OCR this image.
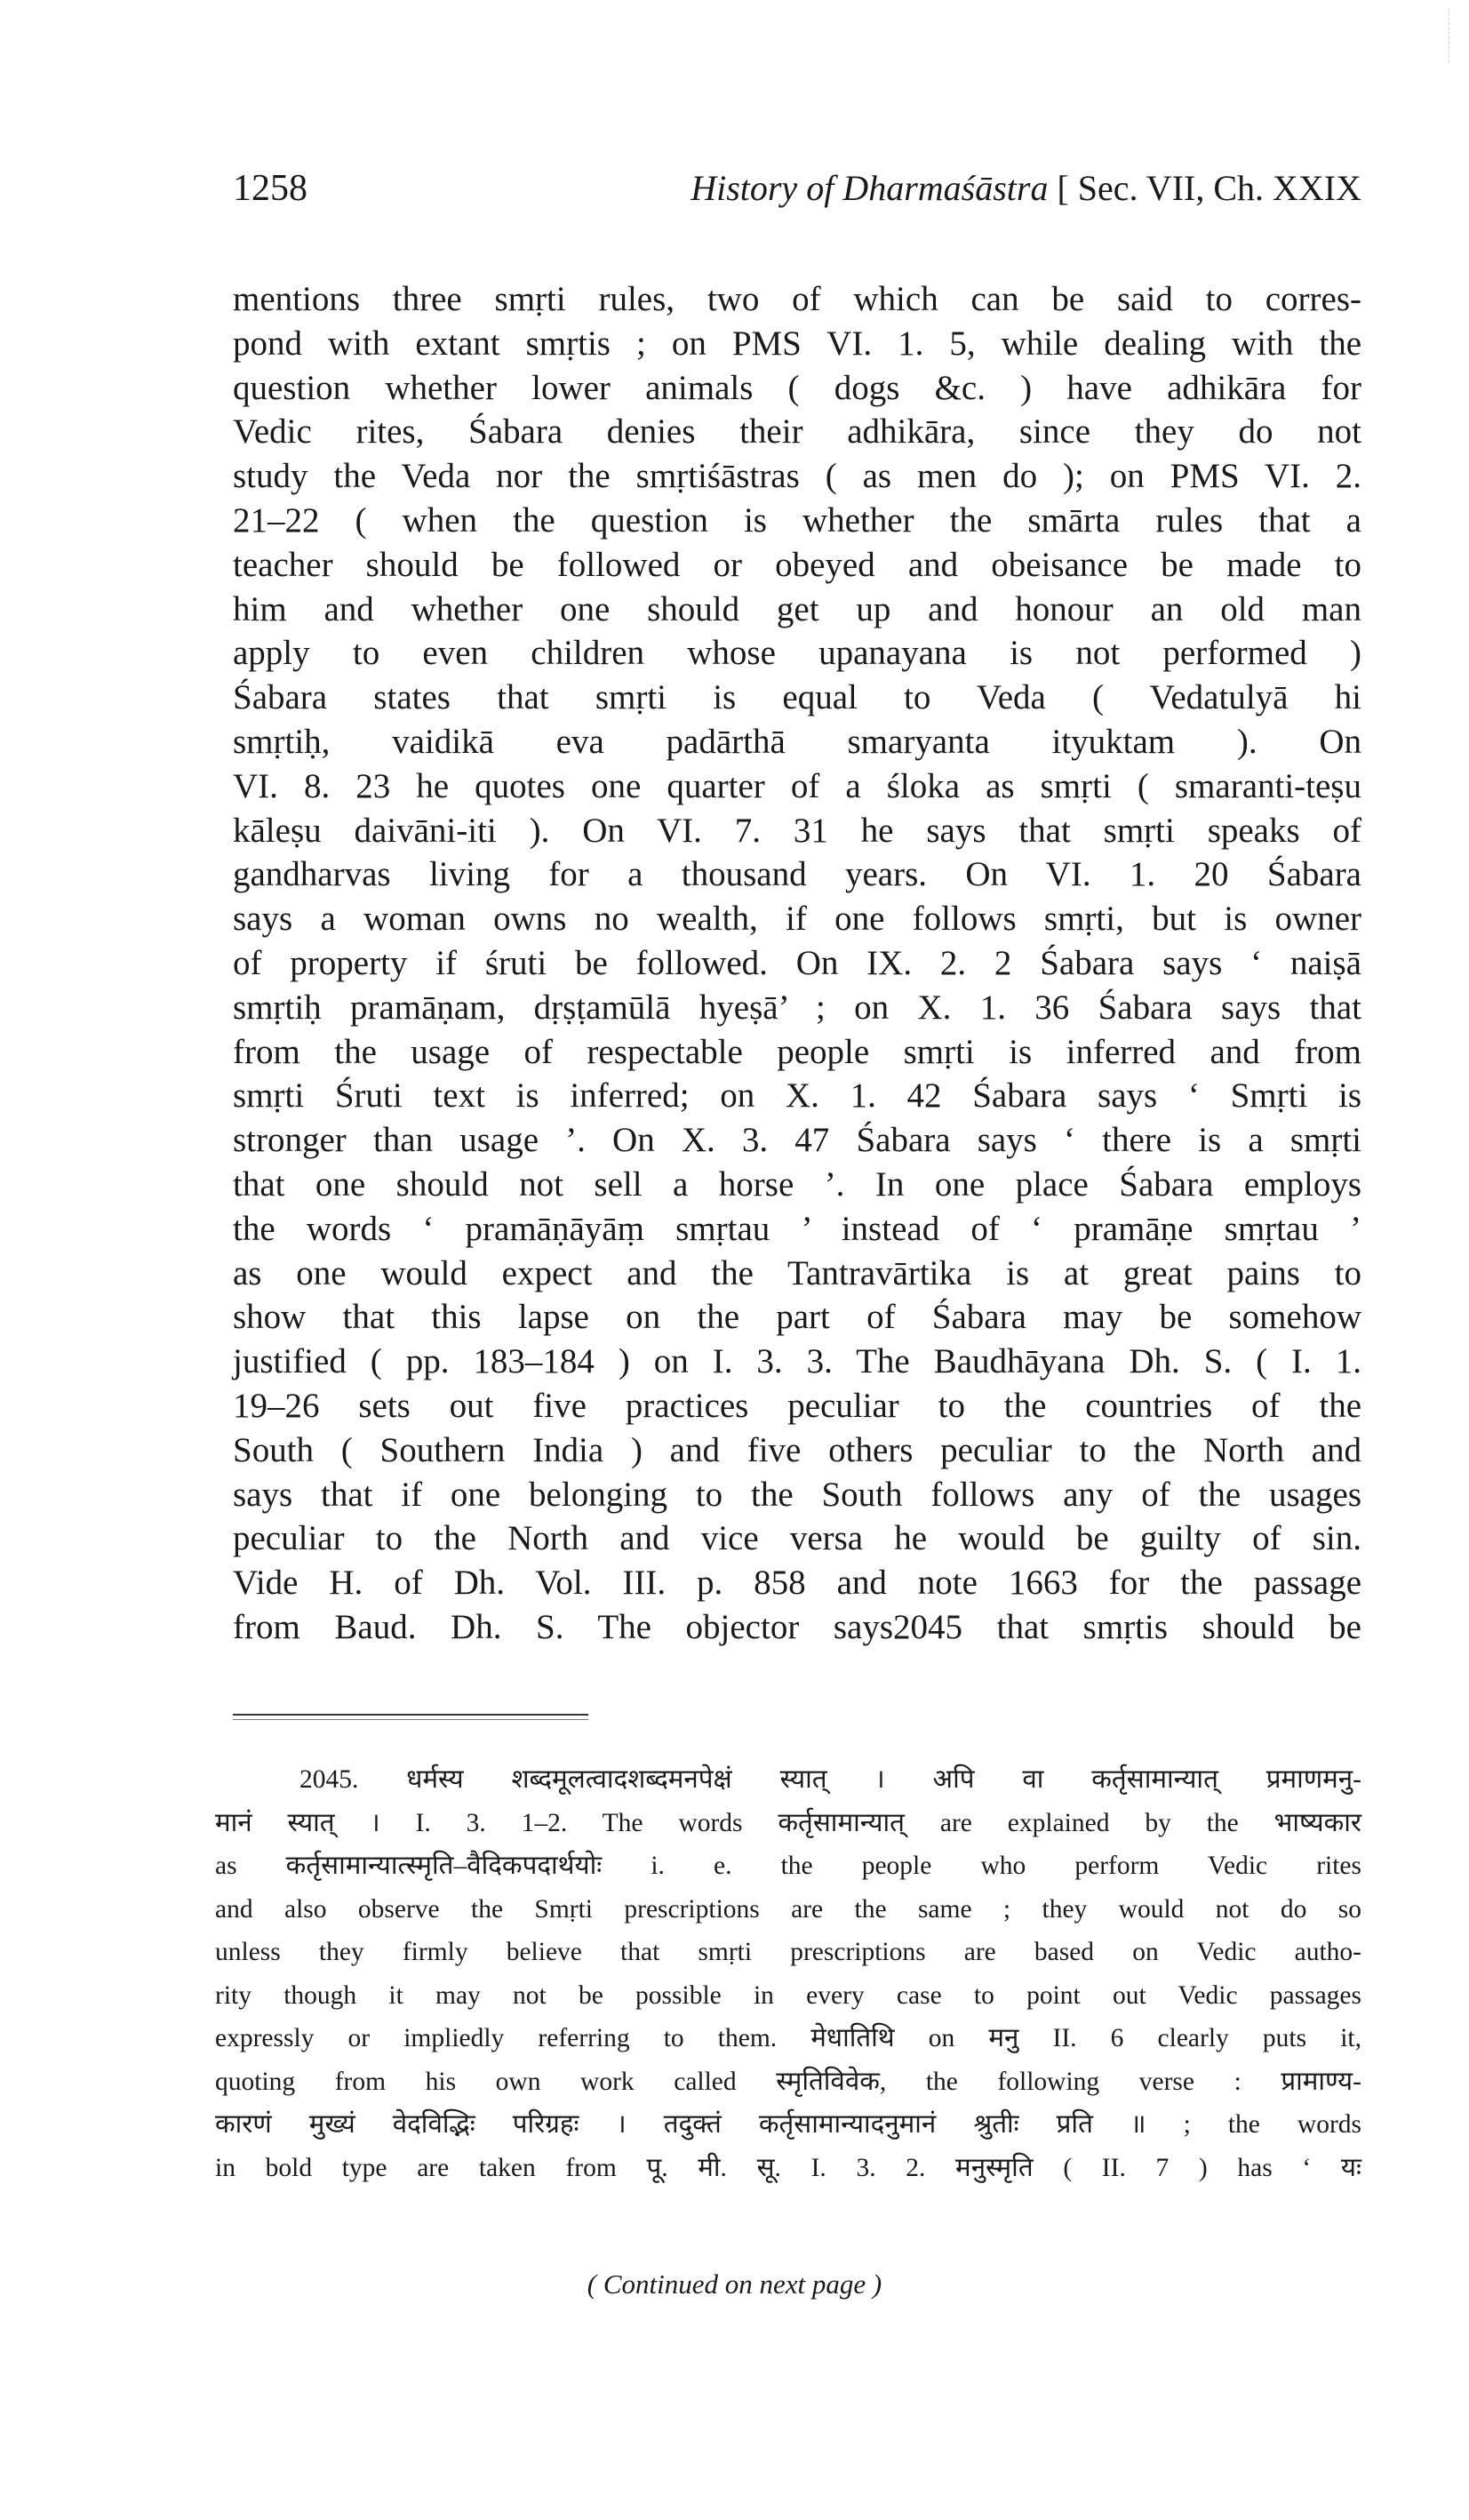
1258	History of Dharmaśāstra [ Sec. VII, Ch. XXIX
mentions three smṛti rules, two of which can be said to corres-
pond with extant smṛtis ; on PMS VI. 1. 5, while dealing with the
question whether lower animals ( dogs &c. ) have adhikāra for
Vedic rites, Śabara denies their adhikāra, since they do not
study the Veda nor the smṛtiśāstras ( as men do ); on PMS VI. 2.
21–22 ( when the question is whether the smārta rules that a
teacher should be followed or obeyed and obeisance be made to
him and whether one should get up and honour an old man
apply to even children whose upanayana is not performed )
Śabara states that smṛti is equal to Veda ( Vedatulyā hi
smṛtiḥ, vaidikā eva padārthā smaryanta ityuktam ). On
VI. 8. 23 he quotes one quarter of a śloka as smṛti ( smaranti-teṣu
kāleṣu daivāni-iti ). On VI. 7. 31 he says that smṛti speaks of
gandharvas living for a thousand years. On VI. 1. 20 Śabara
says a woman owns no wealth, if one follows smṛti, but is owner
of property if śruti be followed. On IX. 2. 2 Śabara says ‘ naiṣā
smṛtiḥ pramāṇam, dṛṣṭamūlā hyeṣā’ ; on X. 1. 36 Śabara says that
from the usage of respectable people smṛti is inferred and from
smṛti Śruti text is inferred; on X. 1. 42 Śabara says ‘ Smṛti is
stronger than usage ’. On X. 3. 47 Śabara says ‘ there is a smṛti
that one should not sell a horse ’. In one place Śabara employs
the words ‘ pramāṇāyāṃ smṛtau ’ instead of ‘ pramāṇe smṛtau ’
as one would expect and the Tantravārtika is at great pains to
show that this lapse on the part of Śabara may be somehow
justified ( pp. 183–184 ) on I. 3. 3. The Baudhāyana Dh. S. ( I. 1.
19–26 sets out five practices peculiar to the countries of the
South ( Southern India ) and five others peculiar to the North and
says that if one belonging to the South follows any of the usages
peculiar to the North and vice versa he would be guilty of sin.
Vide H. of Dh. Vol. III. p. 858 and note 1663 for the passage
from Baud. Dh. S. The objector says2045 that smṛtis should be
2045. धर्मस्य शब्दमूलत्वादशब्दमनपेक्षं स्यात् । अपि वा कर्तृसामान्यात् प्रमाणमनु-
मानं स्यात् । I. 3. 1–2. The words कर्तृसामान्यात् are explained by the भाष्यकार
as कर्तृसामान्यात्स्मृति–वैदिकपदार्थयोः i. e. the people who perform Vedic rites
and also observe the Smṛti prescriptions are the same ; they would not do so
unless they firmly believe that smṛti prescriptions are based on Vedic autho-
rity though it may not be possible in every case to point out Vedic passages
expressly or impliedly referring to them. मेधातिथि on मनु II. 6 clearly puts it,
quoting from his own work called स्मृतिविवेक, the following verse : प्रामाण्य-
कारणं मुख्यं वेदविद्भिः परिग्रहः । तदुक्तं कर्तृसामान्यादनुमानं श्रुतीः प्रति ॥ ; the words
in bold type are taken from पू. मी. सू. I. 3. 2. मनुस्मृति ( II. 7 ) has ‘ यः
( Continued on next page )
